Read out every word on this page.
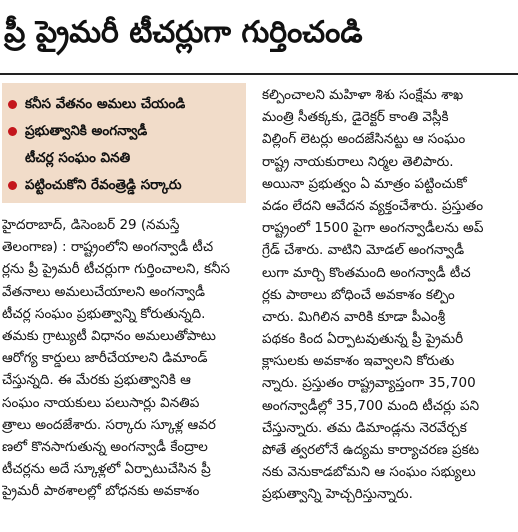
ప్రీ ప్రైమరీ టీచర్లుగా గుర్తించండి
కనీస వేతనం అమలు చేయండి
ప్రభుత్వానికి అంగన్వాడీ
టీచర్ల సంఘం వినతి
పట్టించుకోని రేవంత్రెడ్డి సర్కారు
హైదరాబాద్, డిసెంబర్ 29 (నమస్తే
తెలంగాణ) : రాష్ట్రంలోని అంగన్వాడీ టీచ
ర్లను ప్రీ ప్రైమరీ టీచర్లుగా గుర్తించాలని, కనీస
వేతనాలు అమలుచేయాలని అంగన్వాడీ
టీచర్ల సంఘం ప్రభుత్వాన్ని కోరుతున్నది.
తమకు గ్రాట్యుటీ విధానం అమలుతోపాటు
ఆరోగ్య కార్డులు జారీచేయాలని డిమాండ్
చేస్తున్నది. ఈ మేరకు ప్రభుత్వానికి ఆ
సంఘం నాయకులు పలుసార్లు వినతిప
త్రాలు అందజేశారు. సర్కారు స్కూళ్ల ఆవర
ణలో కొనసాగుతున్న అంగన్వాడీ కేంద్రాల
టీచర్లను అదే స్కూళ్లలో ఏర్పాటుచేసిన ప్రీ
ప్రైమరీ పాఠశాలల్లో బోధనకు అవకాశం
కల్పించాలని మహిళా శిశు సంక్షేమ శాఖ
మంత్రి సీతక్కకు, డైరెక్టర్ కాంతి వెస్లీకి
విల్లింగ్ లెటర్లు అందజేసినట్టు ఆ సంఘం
రాష్ట్ర నాయకురాలు నిర్మల తెలిపారు.
అయినా ప్రభుత్వం ఏ మాత్రం పట్టించుకో
వడం లేదని ఆవేదన వ్యక్తంచేశారు. ప్రస్తుతం
రాష్ట్రంలో 1500 పైగా అంగన్వాడీలను అప్
గ్రేడ్ చేశారు. వాటిని మోడల్ అంగన్వాడీ
లుగా మార్చి కొంతమంది అంగన్వాడీ టీచ
ర్లకు పాఠాలు బోధించే అవకాశం కల్పిం
చారు. మిగిలిన వారికి కూడా పీఎంశ్రీ
పథకం కింద ఏర్పాటవుతున్న ప్రీ ప్రైమరీ
క్లాసులకు అవకాశం ఇవ్వాలని కోరుతు
న్నారు. ప్రస్తుతం రాష్ట్రవ్యాప్తంగా 35,700
అంగన్వాడీల్లో 35,700 మంది టీచర్లు పని
చేస్తున్నారు. తమ డిమాండ్లను నెరవేర్చక
పోతే త్వరలోనే ఉద్యమ కార్యాచరణ ప్రకట
నకు వెనుకాడబోమని ఆ సంఘం సభ్యులు
ప్రభుత్వాన్ని హెచ్చరిస్తున్నారు.
